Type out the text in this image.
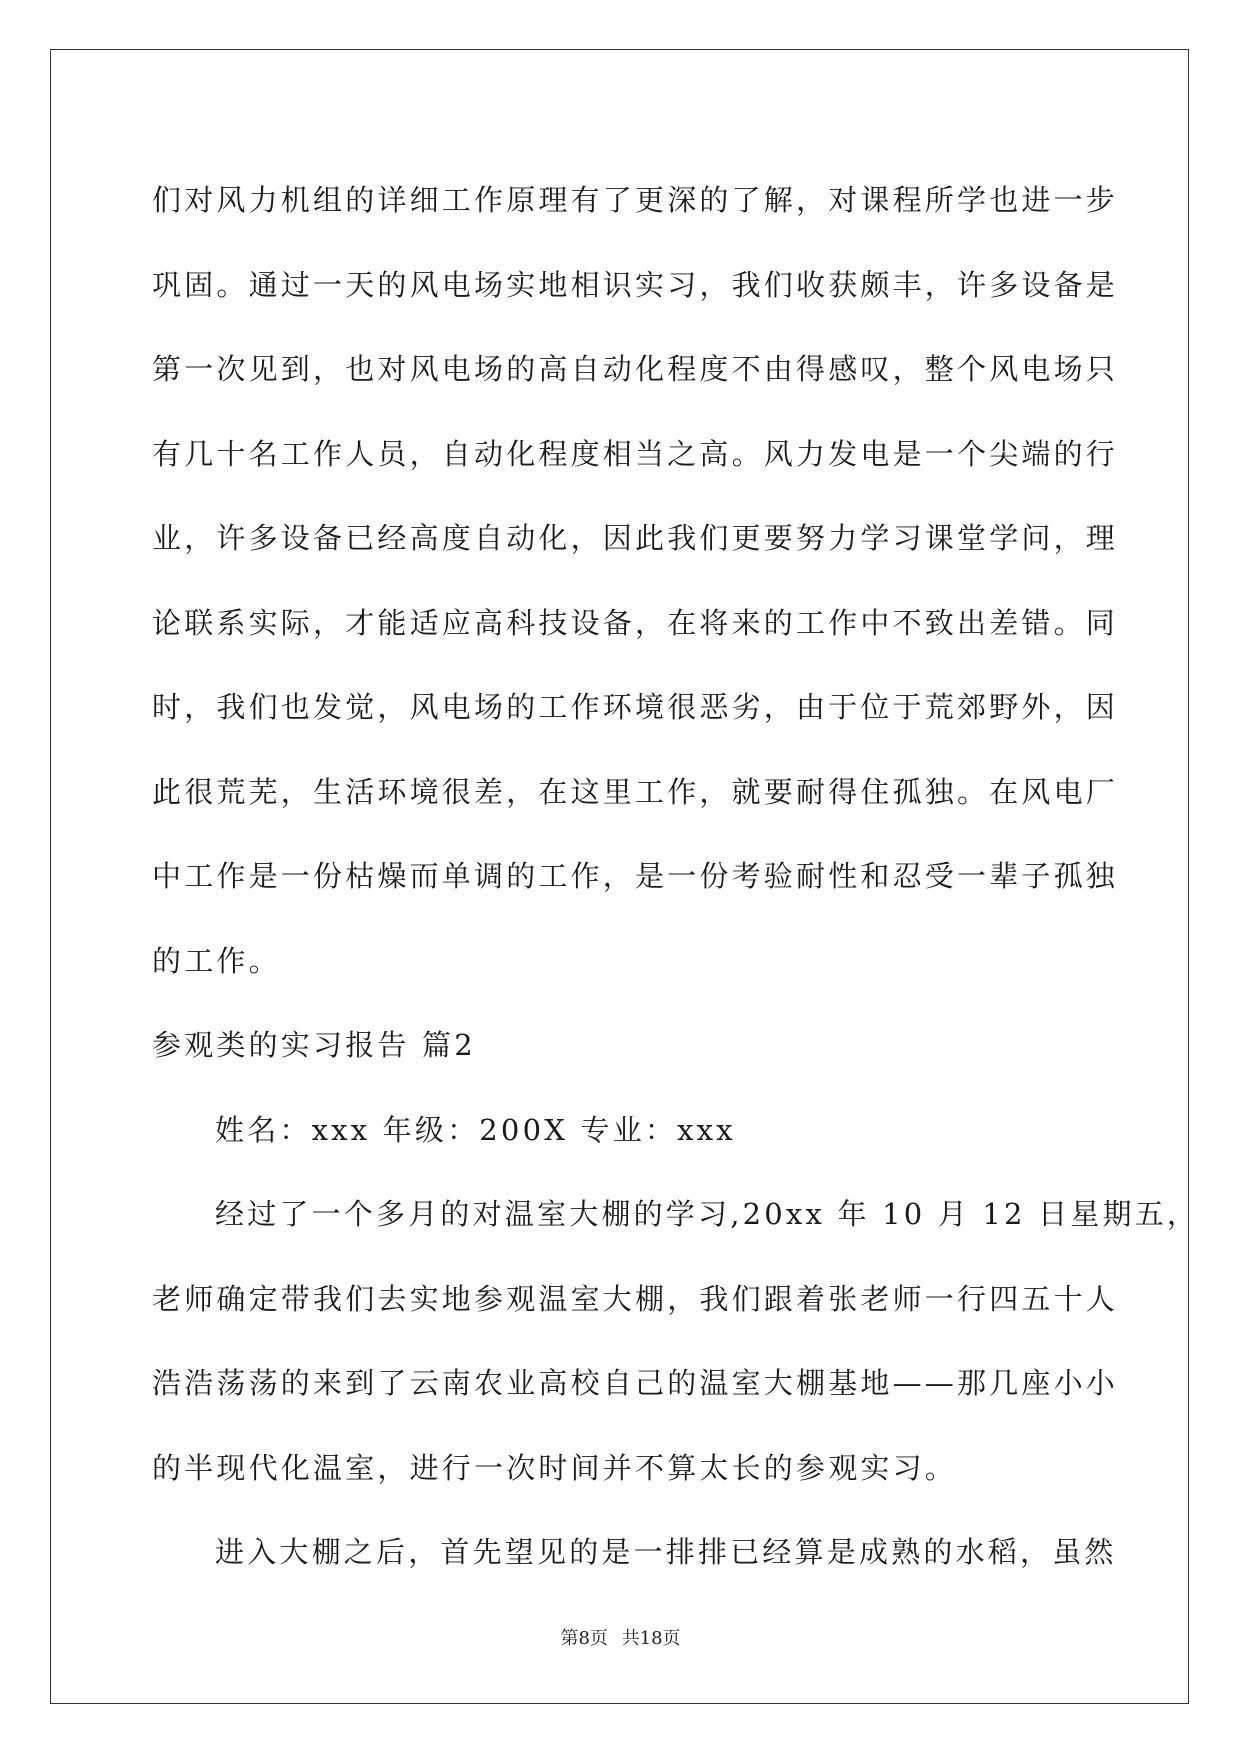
们对风力机组的详细工作原理有了更深的了解，对课程所学也进一步
巩固。通过一天的风电场实地相识实习，我们收获颇丰，许多设备是
第一次见到，也对风电场的高自动化程度不由得感叹，整个风电场只
有几十名工作人员，自动化程度相当之高。风力发电是一个尖端的行
业，许多设备已经高度自动化，因此我们更要努力学习课堂学问，理
论联系实际，才能适应高科技设备，在将来的工作中不致出差错。同
时，我们也发觉，风电场的工作环境很恶劣，由于位于荒郊野外，因
此很荒芜，生活环境很差，在这里工作，就要耐得住孤独。在风电厂
中工作是一份枯燥而单调的工作，是一份考验耐性和忍受一辈子孤独
的工作。
参观类的实习报告 篇2
姓名：xxx 年级：200X 专业：xxx
经过了一个多月的对温室大棚的学习,20xx 年 10 月 12 日星期五，
老师确定带我们去实地参观温室大棚，我们跟着张老师一行四五十人
浩浩荡荡的来到了云南农业高校自己的温室大棚基地——那几座小小
的半现代化温室，进行一次时间并不算太长的参观实习。
进入大棚之后，首先望见的是一排排已经算是成熟的水稻，虽然
第8页 共18页
